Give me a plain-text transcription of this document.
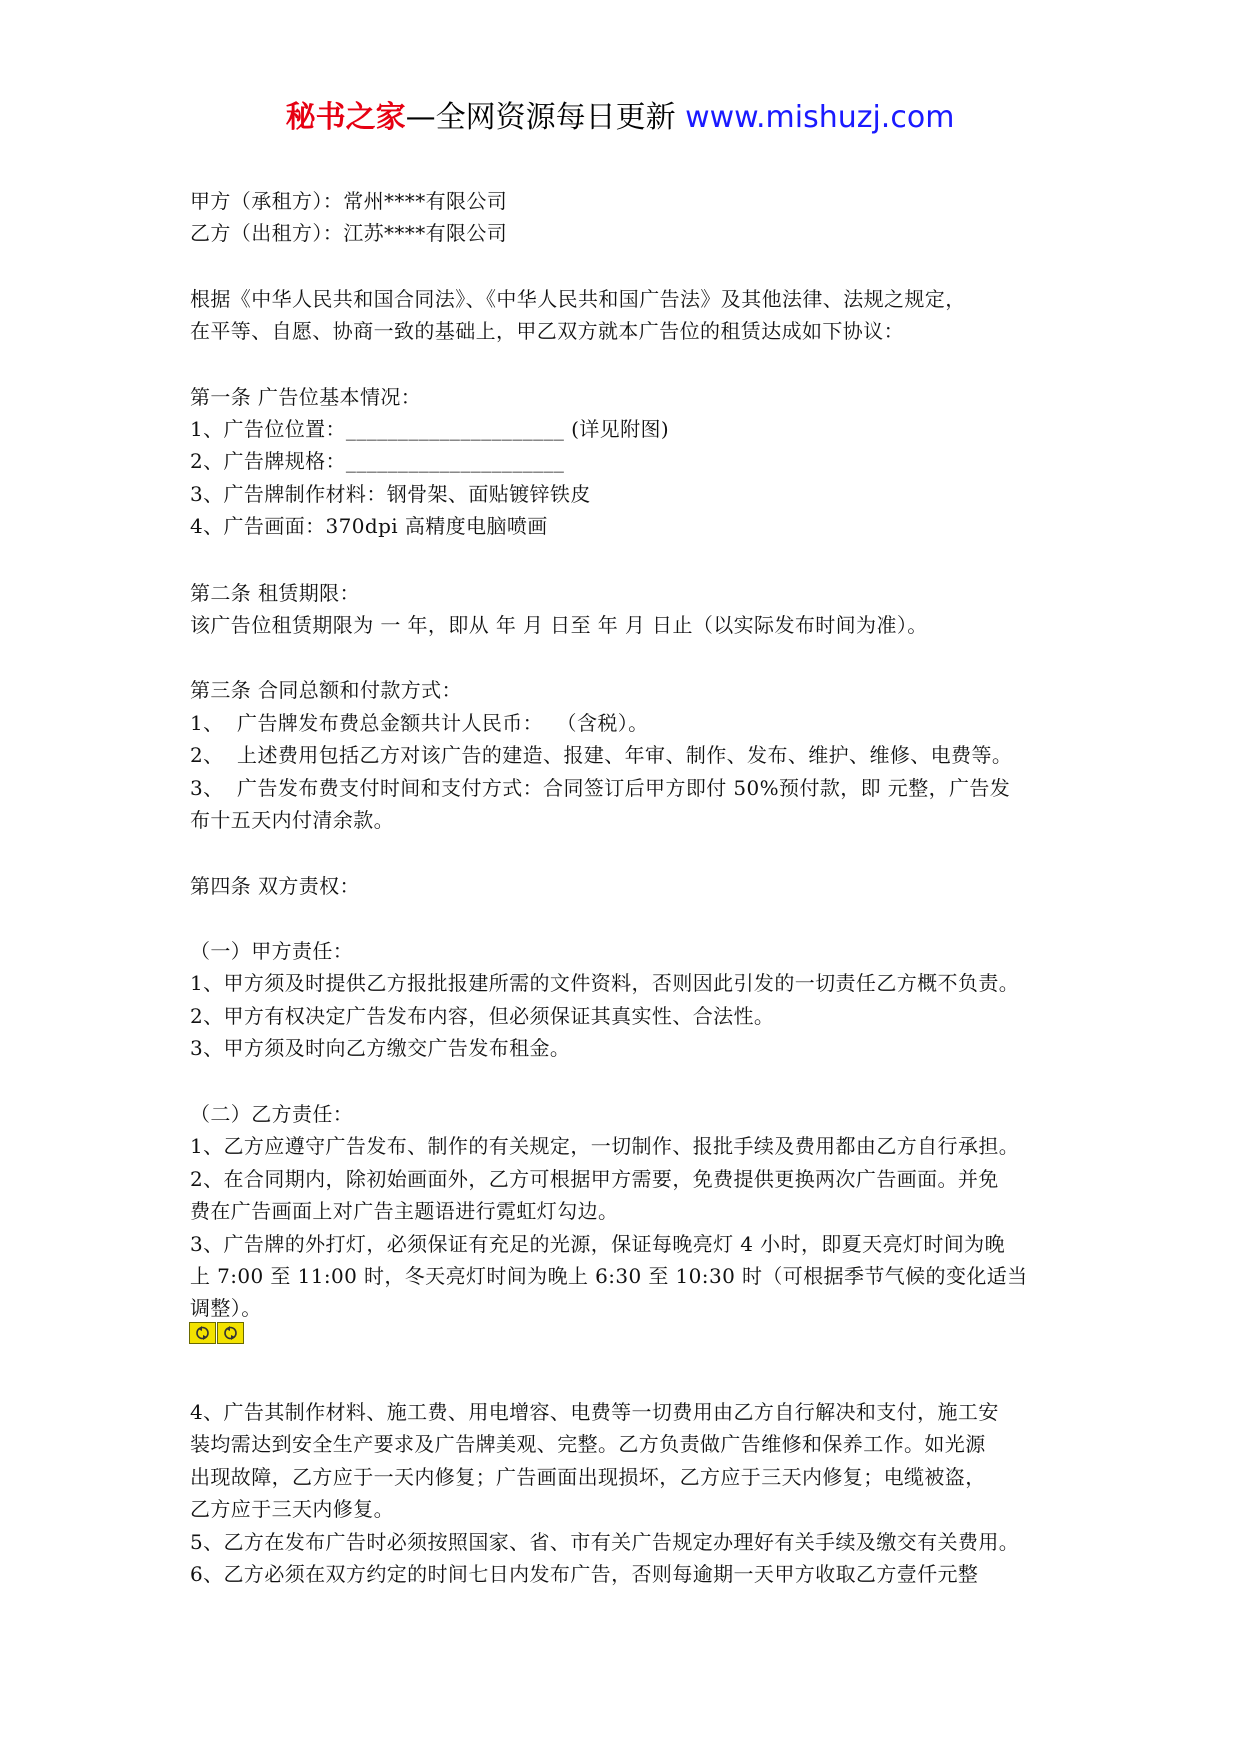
秘书之家—全网资源每日更新 www.mishuzj.com
甲方（承租方）：常州****有限公司
乙方（出租方）：江苏****有限公司
根据《中华人民共和国合同法》、《中华人民共和国广告法》及其他法律、法规之规定，
在平等、自愿、协商一致的基础上，甲乙双方就本广告位的租赁达成如下协议：
第一条 广告位基本情况：
1、广告位位置：_____________________ (详见附图)
2、广告牌规格：_____________________
3、广告牌制作材料：钢骨架、面贴镀锌铁皮
4、广告画面：370dpi 高精度电脑喷画
第二条 租赁期限：
该广告位租赁期限为 一 年，即从 年 月 日至 年 月 日止（以实际发布时间为准）。
第三条 合同总额和付款方式：
1、  广告牌发布费总金额共计人民币：  （含税）。
2、  上述费用包括乙方对该广告的建造、报建、年审、制作、发布、维护、维修、电费等。
3、  广告发布费支付时间和支付方式：合同签订后甲方即付 50%预付款，即 元整，广告发
布十五天内付清余款。
第四条 双方责权：
（一）甲方责任：
1、甲方须及时提供乙方报批报建所需的文件资料，否则因此引发的一切责任乙方概不负责。
2、甲方有权决定广告发布内容，但必须保证其真实性、合法性。
3、甲方须及时向乙方缴交广告发布租金。
（二）乙方责任：
1、乙方应遵守广告发布、制作的有关规定，一切制作、报批手续及费用都由乙方自行承担。
2、在合同期内，除初始画面外，乙方可根据甲方需要，免费提供更换两次广告画面。并免
费在广告画面上对广告主题语进行霓虹灯勾边。
3、广告牌的外打灯，必须保证有充足的光源，保证每晚亮灯 4 小时，即夏天亮灯时间为晚
上 7:00 至 11:00 时，冬天亮灯时间为晚上 6:30 至 10:30 时（可根据季节气候的变化适当
调整）。
4、广告其制作材料、施工费、用电增容、电费等一切费用由乙方自行解决和支付，施工安
装均需达到安全生产要求及广告牌美观、完整。乙方负责做广告维修和保养工作。如光源
出现故障，乙方应于一天内修复；广告画面出现损坏，乙方应于三天内修复；电缆被盗，
乙方应于三天内修复。
5、乙方在发布广告时必须按照国家、省、市有关广告规定办理好有关手续及缴交有关费用。
6、乙方必须在双方约定的时间七日内发布广告，否则每逾期一天甲方收取乙方壹仟元整
